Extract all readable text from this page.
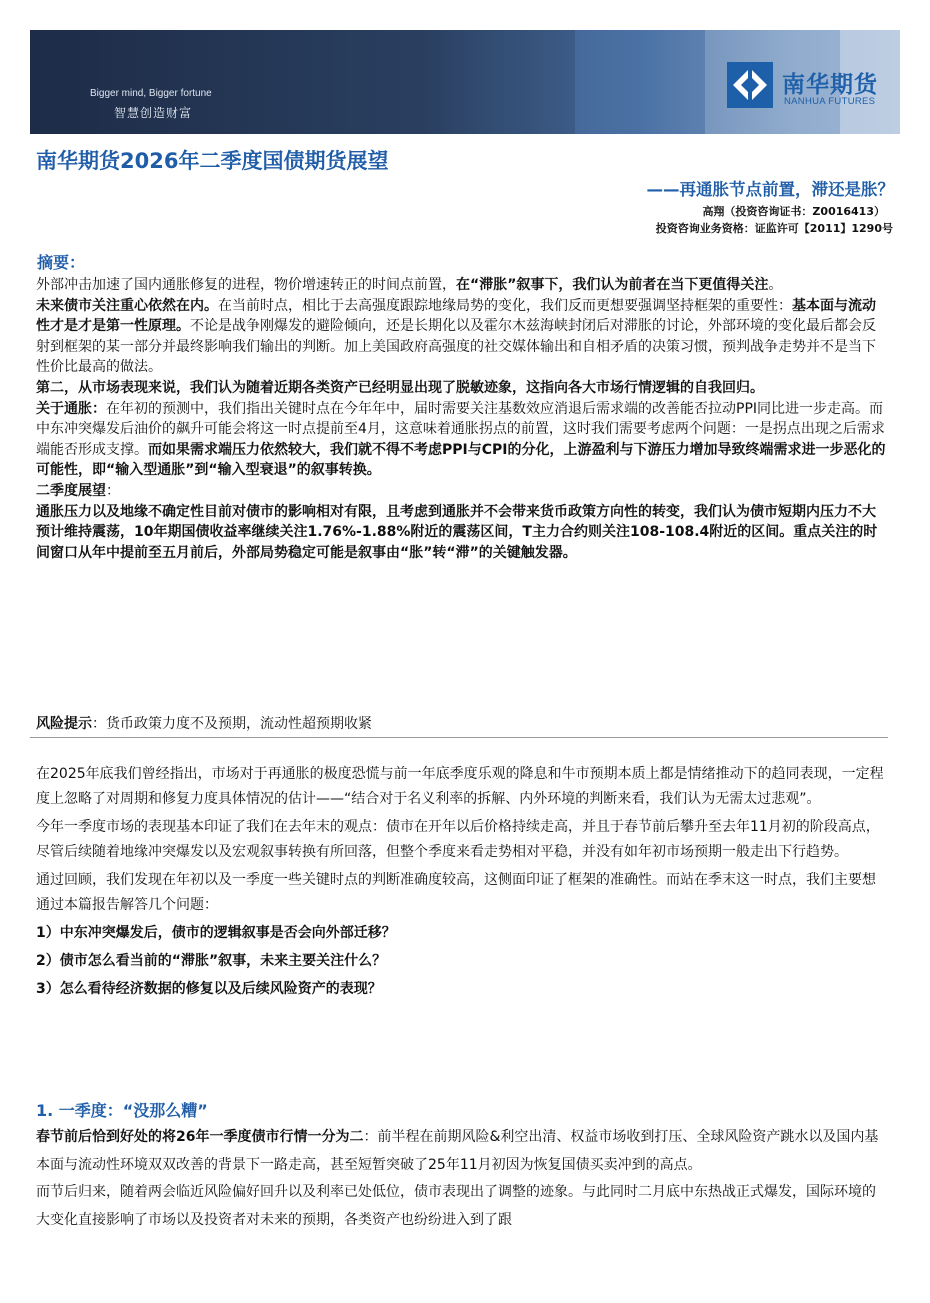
Bigger mind, Bigger fortune
智慧创造财富
南华期货
NANHUA FUTURES
南华期货2026年二季度国债期货展望
——再通胀节点前置，滞还是胀？
高翔（投资咨询证书：Z0016413）
投资咨询业务资格：证监许可【2011】1290号
摘要：

外部冲击加速了国内通胀修复的进程，物价增速转正的时间点前置，在“滞胀”叙事下，我们认为前者在当下更值得关注。

未来债市关注重心依然在内。在当前时点，相比于去高强度跟踪地缘局势的变化，我们反而更想要强调坚持框架的重要性：基本面与流动性才是才是第一性原理。不论是战争刚爆发的避险倾向，还是长期化以及霍尔木兹海峡封闭后对滞胀的讨论，外部环境的变化最后都会反射到框架的某一部分并最终影响我们输出的判断。加上美国政府高强度的社交媒体输出和自相矛盾的决策习惯，预判战争走势并不是当下性价比最高的做法。

第二，从市场表现来说，我们认为随着近期各类资产已经明显出现了脱敏迹象，这指向各大市场行情逻辑的自我回归。

关于通胀：在年初的预测中，我们指出关键时点在今年年中，届时需要关注基数效应消退后需求端的改善能否拉动PPI同比进一步走高。而中东冲突爆发后油价的飙升可能会将这一时点提前至4月，这意味着通胀拐点的前置，这时我们需要考虑两个问题：一是拐点出现之后需求端能否形成支撑。而如果需求端压力依然较大，我们就不得不考虑PPI与CPI的分化，上游盈利与下游压力增加导致终端需求进一步恶化的可能性，即“输入型通胀”到“输入型衰退”的叙事转换。

二季度展望：

通胀压力以及地缘不确定性目前对债市的影响相对有限，且考虑到通胀并不会带来货币政策方向性的转变，我们认为债市短期内压力不大预计维持震荡，10年期国债收益率继续关注1.76%-1.88%附近的震荡区间，T主力合约则关注108-108.4附近的区间。重点关注的时间窗口从年中提前至五月前后，外部局势稳定可能是叙事由“胀”转“滞”的关键触发器。

风险提示：货币政策力度不及预期，流动性超预期收紧

在2025年底我们曾经指出，市场对于再通胀的极度恐慌与前一年底季度乐观的降息和牛市预期本质上都是情绪推动下的趋同表现，一定程度上忽略了对周期和修复力度具体情况的估计——“结合对于名义利率的拆解、内外环境的判断来看，我们认为无需太过悲观”。

今年一季度市场的表现基本印证了我们在去年末的观点：债市在开年以后价格持续走高，并且于春节前后攀升至去年11月初的阶段高点，尽管后续随着地缘冲突爆发以及宏观叙事转换有所回落，但整个季度来看走势相对平稳，并没有如年初市场预期一般走出下行趋势。

通过回顾，我们发现在年初以及一季度一些关键时点的判断准确度较高，这侧面印证了框架的准确性。而站在季末这一时点，我们主要想通过本篇报告解答几个问题：

1）中东冲突爆发后，债市的逻辑叙事是否会向外部迁移？

2）债市怎么看当前的“滞胀”叙事，未来主要关注什么？

3）怎么看待经济数据的修复以及后续风险资产的表现？

1. 一季度：“没那么糟”

春节前后恰到好处的将26年一季度债市行情一分为二：前半程在前期风险&利空出清、权益市场收到打压、全球风险资产跳水以及国内基本面与流动性环境双双改善的背景下一路走高，甚至短暂突破了25年11月初因为恢复国债买卖冲到的高点。

而节后归来，随着两会临近风险偏好回升以及利率已处低位，债市表现出了调整的迹象。与此同时二月底中东热战正式爆发，国际环境的大变化直接影响了市场以及投资者对未来的预期，各类资产也纷纷进入到了跟
